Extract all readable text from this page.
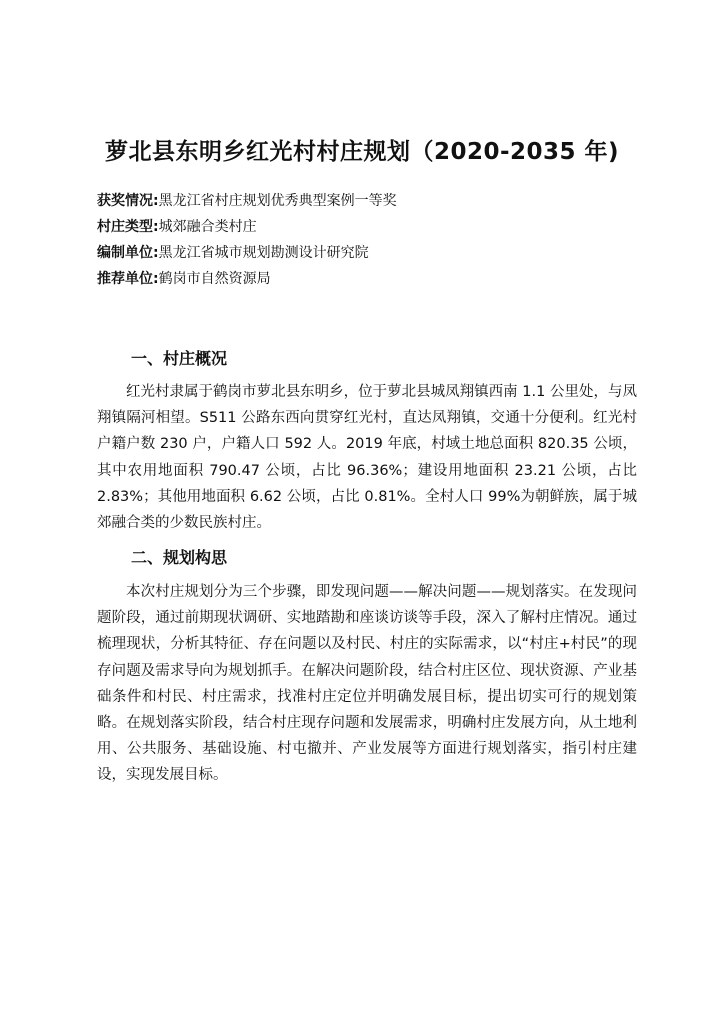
萝北县东明乡红光村村庄规划（2020-2035 年)
获奖情况:黑龙江省村庄规划优秀典型案例一等奖
村庄类型:城郊融合类村庄
编制单位:黑龙江省城市规划勘测设计研究院
推荐单位:鹤岗市自然资源局
一、村庄概况

红光村隶属于鹤岗市萝北县东明乡，位于萝北县城凤翔镇西南 1.1 公里处，与凤翔镇隔河相望。S511 公路东西向贯穿红光村，直达凤翔镇，交通十分便利。红光村户籍户数 230 户，户籍人口 592 人。2019 年底，村域土地总面积 820.35 公顷，其中农用地面积 790.47 公顷，占比 96.36%；建设用地面积 23.21 公顷，占比 2.83%；其他用地面积 6.62 公顷，占比 0.81%。全村人口 99%为朝鲜族，属于城郊融合类的少数民族村庄。

二、规划构思

本次村庄规划分为三个步骤，即发现问题——解决问题——规划落实。在发现问题阶段，通过前期现状调研、实地踏勘和座谈访谈等手段，深入了解村庄情况。通过梳理现状，分析其特征、存在问题以及村民、村庄的实际需求，以“村庄+村民”的现存问题及需求导向为规划抓手。在解决问题阶段，结合村庄区位、现状资源、产业基础条件和村民、村庄需求，找准村庄定位并明确发展目标，提出切实可行的规划策略。在规划落实阶段，结合村庄现存问题和发展需求，明确村庄发展方向，从土地利用、公共服务、基础设施、村屯撤并、产业发展等方面进行规划落实，指引村庄建设，实现发展目标。
